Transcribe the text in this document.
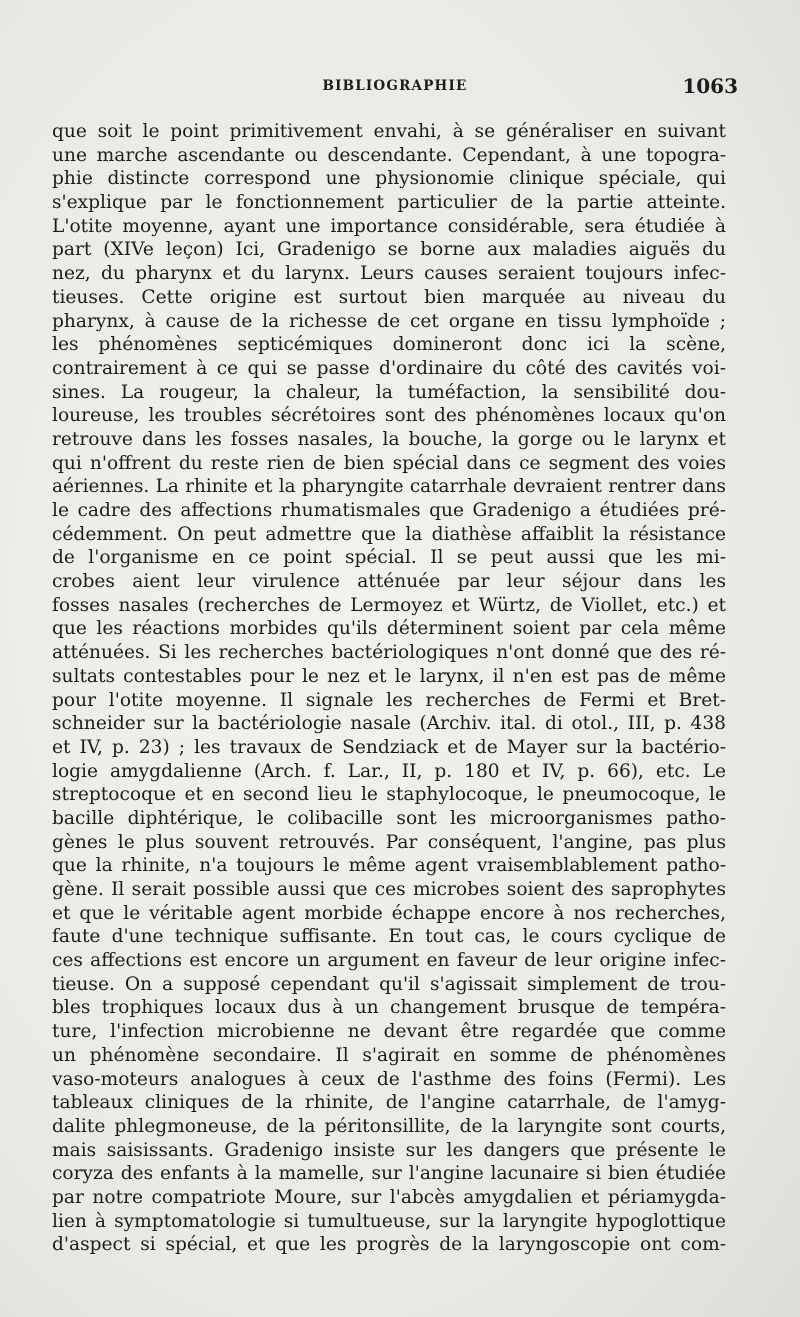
BIBLIOGRAPHIE	1063
que soit le point primitivement envahi, à se généraliser en suivant
une marche ascendante ou descendante. Cependant, à une topogra-
phie distincte correspond une physionomie clinique spéciale, qui
s'explique par le fonctionnement particulier de la partie atteinte.
L'otite moyenne, ayant une importance considérable, sera étudiée à
part (XIVe leçon) Ici, Gradenigo se borne aux maladies aiguës du
nez, du pharynx et du larynx. Leurs causes seraient toujours infec-
tieuses. Cette origine est surtout bien marquée au niveau du
pharynx, à cause de la richesse de cet organe en tissu lymphoïde ;
les phénomènes septicémiques domineront donc ici la scène,
contrairement à ce qui se passe d'ordinaire du côté des cavités voi-
sines. La rougeur, la chaleur, la tuméfaction, la sensibilité dou-
loureuse, les troubles sécrétoires sont des phénomènes locaux qu'on
retrouve dans les fosses nasales, la bouche, la gorge ou le larynx et
qui n'offrent du reste rien de bien spécial dans ce segment des voies
aériennes. La rhinite et la pharyngite catarrhale devraient rentrer dans
le cadre des affections rhumatismales que Gradenigo a étudiées pré-
cédemment. On peut admettre que la diathèse affaiblit la résistance
de l'organisme en ce point spécial. Il se peut aussi que les mi-
crobes aient leur virulence atténuée par leur séjour dans les
fosses nasales (recherches de Lermoyez et Würtz, de Viollet, etc.) et
que les réactions morbides qu'ils déterminent soient par cela même
atténuées. Si les recherches bactériologiques n'ont donné que des ré-
sultats contestables pour le nez et le larynx, il n'en est pas de même
pour l'otite moyenne. Il signale les recherches de Fermi et Bret-
schneider sur la bactériologie nasale (Archiv. ital. di otol., III, p. 438
et IV, p. 23) ; les travaux de Sendziack et de Mayer sur la bactério-
logie amygdalienne (Arch. f. Lar., II, p. 180 et IV, p. 66), etc. Le
streptocoque et en second lieu le staphylocoque, le pneumocoque, le
bacille diphtérique, le colibacille sont les microorganismes patho-
gènes le plus souvent retrouvés. Par conséquent, l'angine, pas plus
que la rhinite, n'a toujours le même agent vraisemblablement patho-
gène. Il serait possible aussi que ces microbes soient des saprophytes
et que le véritable agent morbide échappe encore à nos recherches,
faute d'une technique suffisante. En tout cas, le cours cyclique de
ces affections est encore un argument en faveur de leur origine infec-
tieuse. On a supposé cependant qu'il s'agissait simplement de trou-
bles trophiques locaux dus à un changement brusque de tempéra-
ture, l'infection microbienne ne devant être regardée que comme
un phénomène secondaire. Il s'agirait en somme de phénomènes
vaso-moteurs analogues à ceux de l'asthme des foins (Fermi). Les
tableaux cliniques de la rhinite, de l'angine catarrhale, de l'amyg-
dalite phlegmoneuse, de la péritonsillite, de la laryngite sont courts,
mais saisissants. Gradenigo insiste sur les dangers que présente le
coryza des enfants à la mamelle, sur l'angine lacunaire si bien étudiée
par notre compatriote Moure, sur l'abcès amygdalien et périamygda-
lien à symptomatologie si tumultueuse, sur la laryngite hypoglottique
d'aspect si spécial, et que les progrès de la laryngoscopie ont com-
